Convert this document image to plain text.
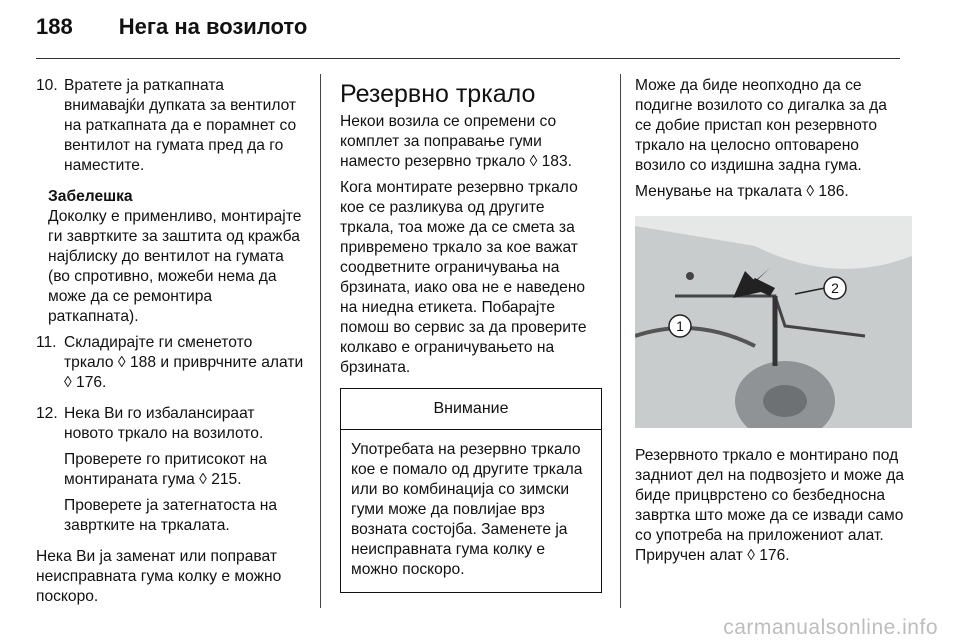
188 Нега на возилото
10. Вратете ја раткапната внимавајќи дупката за вентилот на раткапната да е порамнет со вентилот на гумата пред да го наместите.

Забелешка
Доколку е применливо, монтирајте ги завртките за заштита од кражба најблиску до вентилот на гумата (во спротивно, можеби нема да може да се ремонтира раткапната).
11. Складирајте ги сменетото тркало ◊ 188 и приврчните алати ◊ 176.

12. Нека Ви го избалансираат новото тркало на возилото.

Проверете го притисокот на монтираната гума ◊ 215.

Проверете ја затегнатоста на завртките на тркалата.

Нека Ви ја заменат или поправат неисправната гума колку е можно поскоро.

Резервно тркало

Некои возила се опремени со комплет за поправање гуми наместо резервно тркало ◊ 183.

Кога монтирате резервно тркало кое се разликува од другите тркала, тоа може да се смета за привремено тркало за кое важат соодветните ограничувања на брзината, иако ова не е наведено на ниедна етикета. Побарајте помош во сервис за да проверите колкаво е ограничувањето на брзината.

Внимание
Употребата на резервно тркало кое е помало од другите тркала или во комбинација со зимски гуми може да повлијае врз возната состојба. Заменете ја неисправната гума колку е можно поскоро.

Може да биде неопходно да се подигне возилото со дигалка за да се добие пристап кон резервното тркало на целосно оптоварено возило со издишна задна гума.

Менување на тркалата ◊ 186.

1
2

Резервното тркало е монтирано под задниот дел на подвозјето и може да биде прицврстено со безбедносна завртка што може да се извади само со употреба на приложениот алат. Приручен алат ◊ 176.

carmanualsonline.info
